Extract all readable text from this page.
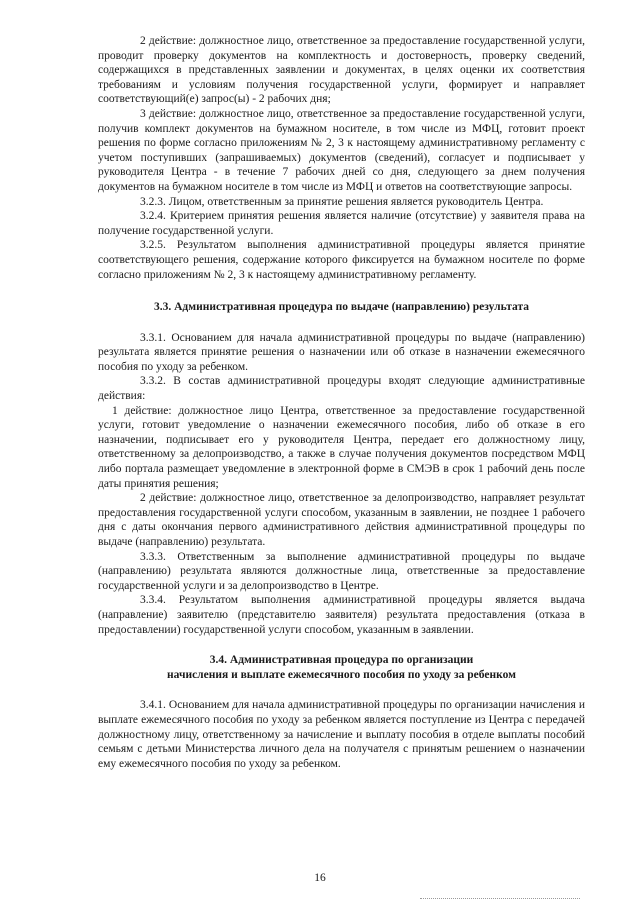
2 действие: должностное лицо, ответственное за предоставление государственной услуги, проводит проверку документов на комплектность и достоверность, проверку сведений, содержащихся в представленных заявлении и документах, в целях оценки их соответствия требованиям и условиям получения государственной услуги, формирует и направляет соответствующий(е) запрос(ы) - 2 рабочих дня;

3 действие: должностное лицо, ответственное за предоставление государственной услуги, получив комплект документов на бумажном носителе, в том числе из МФЦ, готовит проект решения по форме согласно приложениям № 2, 3 к настоящему административному регламенту с учетом поступивших (запрашиваемых) документов (сведений), согласует и подписывает у руководителя Центра - в течение 7 рабочих дней со дня, следующего за днем получения документов на бумажном носителе в том числе из МФЦ и ответов на соответствующие запросы.

3.2.3. Лицом, ответственным за принятие решения является руководитель Центра.

3.2.4. Критерием принятия решения является наличие (отсутствие) у заявителя права на получение государственной услуги.

3.2.5. Результатом выполнения административной процедуры является принятие соответствующего решения, содержание которого фиксируется на бумажном носителе по форме согласно приложениям № 2, 3 к настоящему административному регламенту.

3.3. Административная процедура по выдаче (направлению) результата

3.3.1. Основанием для начала административной процедуры по выдаче (направлению) результата является принятие решения о назначении или об отказе в назначении ежемесячного пособия по уходу за ребенком.

3.3.2. В состав административной процедуры входят следующие административные действия:

1 действие: должностное лицо Центра, ответственное за предоставление государственной услуги, готовит уведомление о назначении ежемесячного пособия, либо об отказе в его назначении, подписывает его у руководителя Центра, передает его должностному лицу, ответственному за делопроизводство, а также в случае получения документов посредством МФЦ либо портала размещает уведомление в электронной форме в СМЭВ в срок 1 рабочий день после даты принятия решения;

2 действие: должностное лицо, ответственное за делопроизводство, направляет результат предоставления государственной услуги способом, указанным в заявлении, не позднее 1 рабочего дня с даты окончания первого административного действия административной процедуры по выдаче (направлению) результата.

3.3.3. Ответственным за выполнение административной процедуры по выдаче (направлению) результата являются должностные лица, ответственные за предоставление государственной услуги и за делопроизводство в Центре.

3.3.4. Результатом выполнения административной процедуры является выдача (направление) заявителю (представителю заявителя) результата предоставления (отказа в предоставлении) государственной услуги способом, указанным в заявлении.

3.4. Административная процедура по организации
начисления и выплате ежемесячного пособия по уходу за ребенком

3.4.1. Основанием для начала административной процедуры по организации начисления и выплате ежемесячного пособия по уходу за ребенком является поступление из Центра с передачей должностному лицу, ответственному за начисление и выплату пособия в отделе выплаты пособий семьям с детьми Министерства личного дела на получателя с принятым решением о назначении ему ежемесячного пособия по уходу за ребенком.

16
